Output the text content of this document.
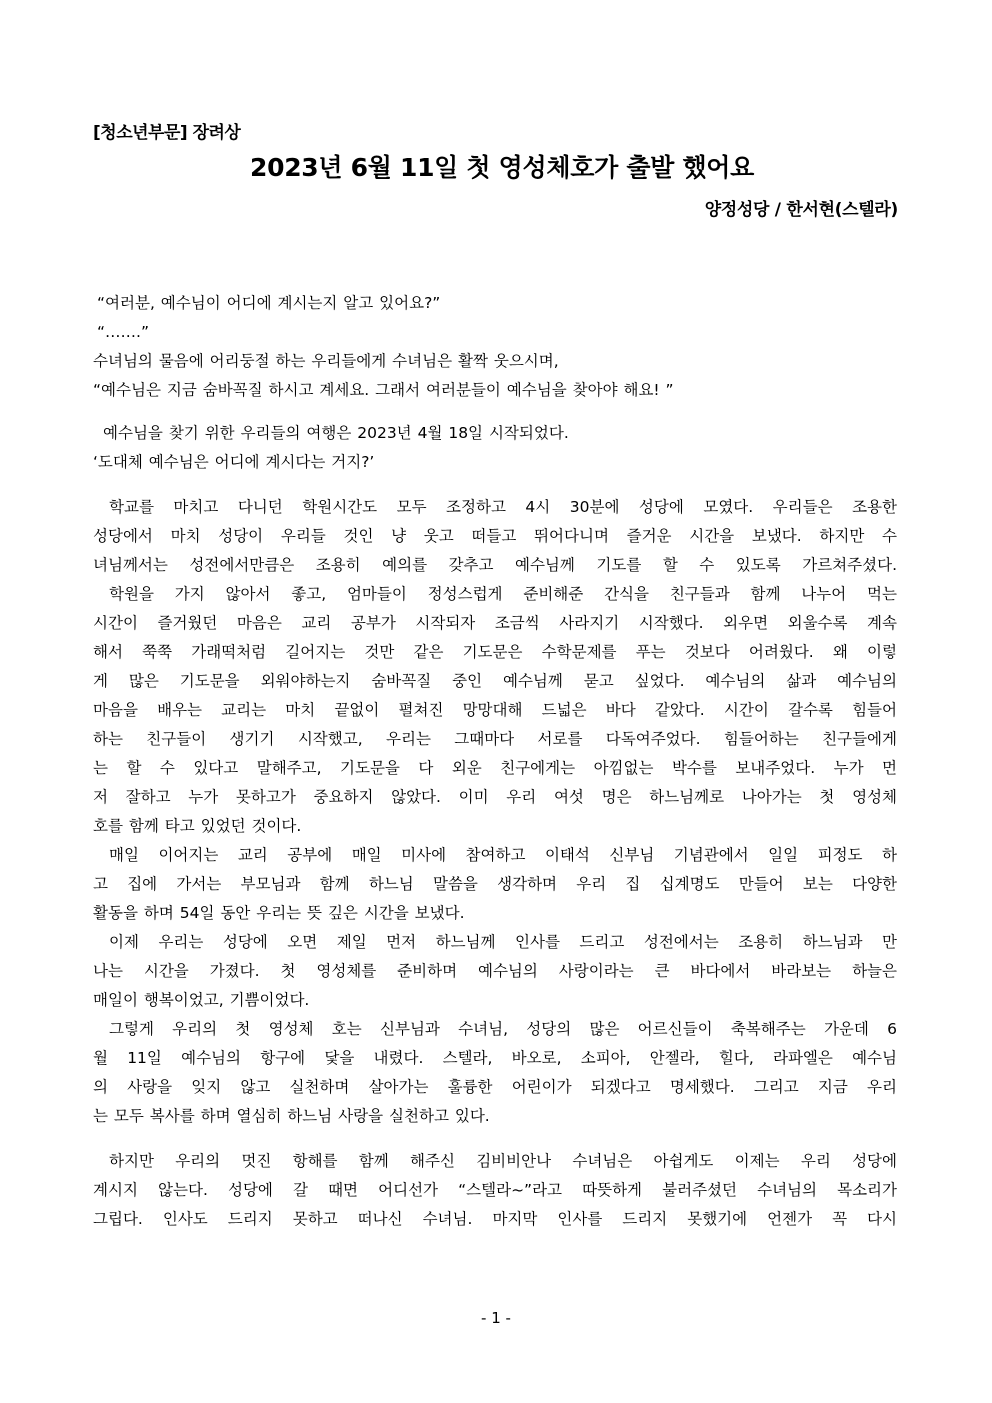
[청소년부문] 장려상
2023년 6월 11일 첫 영성체호가 출발 했어요
양정성당 / 한서현(스텔라)
“여러분, 예수님이 어디에 계시는지 알고 있어요?”
“…….”
수녀님의 물음에 어리둥절 하는 우리들에게 수녀님은 활짝 웃으시며,
“예수님은 지금 숨바꼭질 하시고 계세요. 그래서 여러분들이 예수님을 찾아야 해요! ”
예수님을 찾기 위한 우리들의 여행은 2023년 4월 18일 시작되었다.
‘도대체 예수님은 어디에 계시다는 거지?’
학교를 마치고 다니던 학원시간도 모두 조정하고 4시 30분에 성당에 모였다. 우리들은 조용한
성당에서 마치 성당이 우리들 것인 냥 웃고 떠들고 뛰어다니며 즐거운 시간을 보냈다. 하지만 수
녀님께서는 성전에서만큼은 조용히 예의를 갖추고 예수님께 기도를 할 수 있도록 가르쳐주셨다.
학원을 가지 않아서 좋고, 엄마들이 정성스럽게 준비해준 간식을 친구들과 함께 나누어 먹는
시간이 즐거웠던 마음은 교리 공부가 시작되자 조금씩 사라지기 시작했다. 외우면 외울수록 계속
해서 쭉쭉 가래떡처럼 길어지는 것만 같은 기도문은 수학문제를 푸는 것보다 어려웠다. 왜 이렇
게 많은 기도문을 외워야하는지 숨바꼭질 중인 예수님께 묻고 싶었다. 예수님의 삶과 예수님의
마음을 배우는 교리는 마치 끝없이 펼쳐진 망망대해 드넓은 바다 같았다. 시간이 갈수록 힘들어
하는 친구들이 생기기 시작했고, 우리는 그때마다 서로를 다독여주었다. 힘들어하는 친구들에게
는 할 수 있다고 말해주고, 기도문을 다 외운 친구에게는 아낌없는 박수를 보내주었다. 누가 먼
저 잘하고 누가 못하고가 중요하지 않았다. 이미 우리 여섯 명은 하느님께로 나아가는 첫 영성체
호를 함께 타고 있었던 것이다.
매일 이어지는 교리 공부에 매일 미사에 참여하고 이태석 신부님 기념관에서 일일 피정도 하
고 집에 가서는 부모님과 함께 하느님 말씀을 생각하며 우리 집 십계명도 만들어 보는 다양한
활동을 하며 54일 동안 우리는 뜻 깊은 시간을 보냈다.
이제 우리는 성당에 오면 제일 먼저 하느님께 인사를 드리고 성전에서는 조용히 하느님과 만
나는 시간을 가졌다. 첫 영성체를 준비하며 예수님의 사랑이라는 큰 바다에서 바라보는 하늘은
매일이 행복이었고, 기쁨이었다.
그렇게 우리의 첫 영성체 호는 신부님과 수녀님, 성당의 많은 어르신들이 축복해주는 가운데 6
월 11일 예수님의 항구에 닻을 내렸다. 스텔라, 바오로, 소피아, 안젤라, 힐다, 라파엘은 예수님
의 사랑을 잊지 않고 실천하며 살아가는 훌륭한 어린이가 되겠다고 명세했다. 그리고 지금 우리
는 모두 복사를 하며 열심히 하느님 사랑을 실천하고 있다.
하지만 우리의 멋진 항해를 함께 해주신 김비비안나 수녀님은 아쉽게도 이제는 우리 성당에
계시지 않는다. 성당에 갈 때면 어디선가 “스텔라~”라고 따뜻하게 불러주셨던 수녀님의 목소리가
그립다. 인사도 드리지 못하고 떠나신 수녀님. 마지막 인사를 드리지 못했기에 언젠가 꼭 다시
- 1 -
